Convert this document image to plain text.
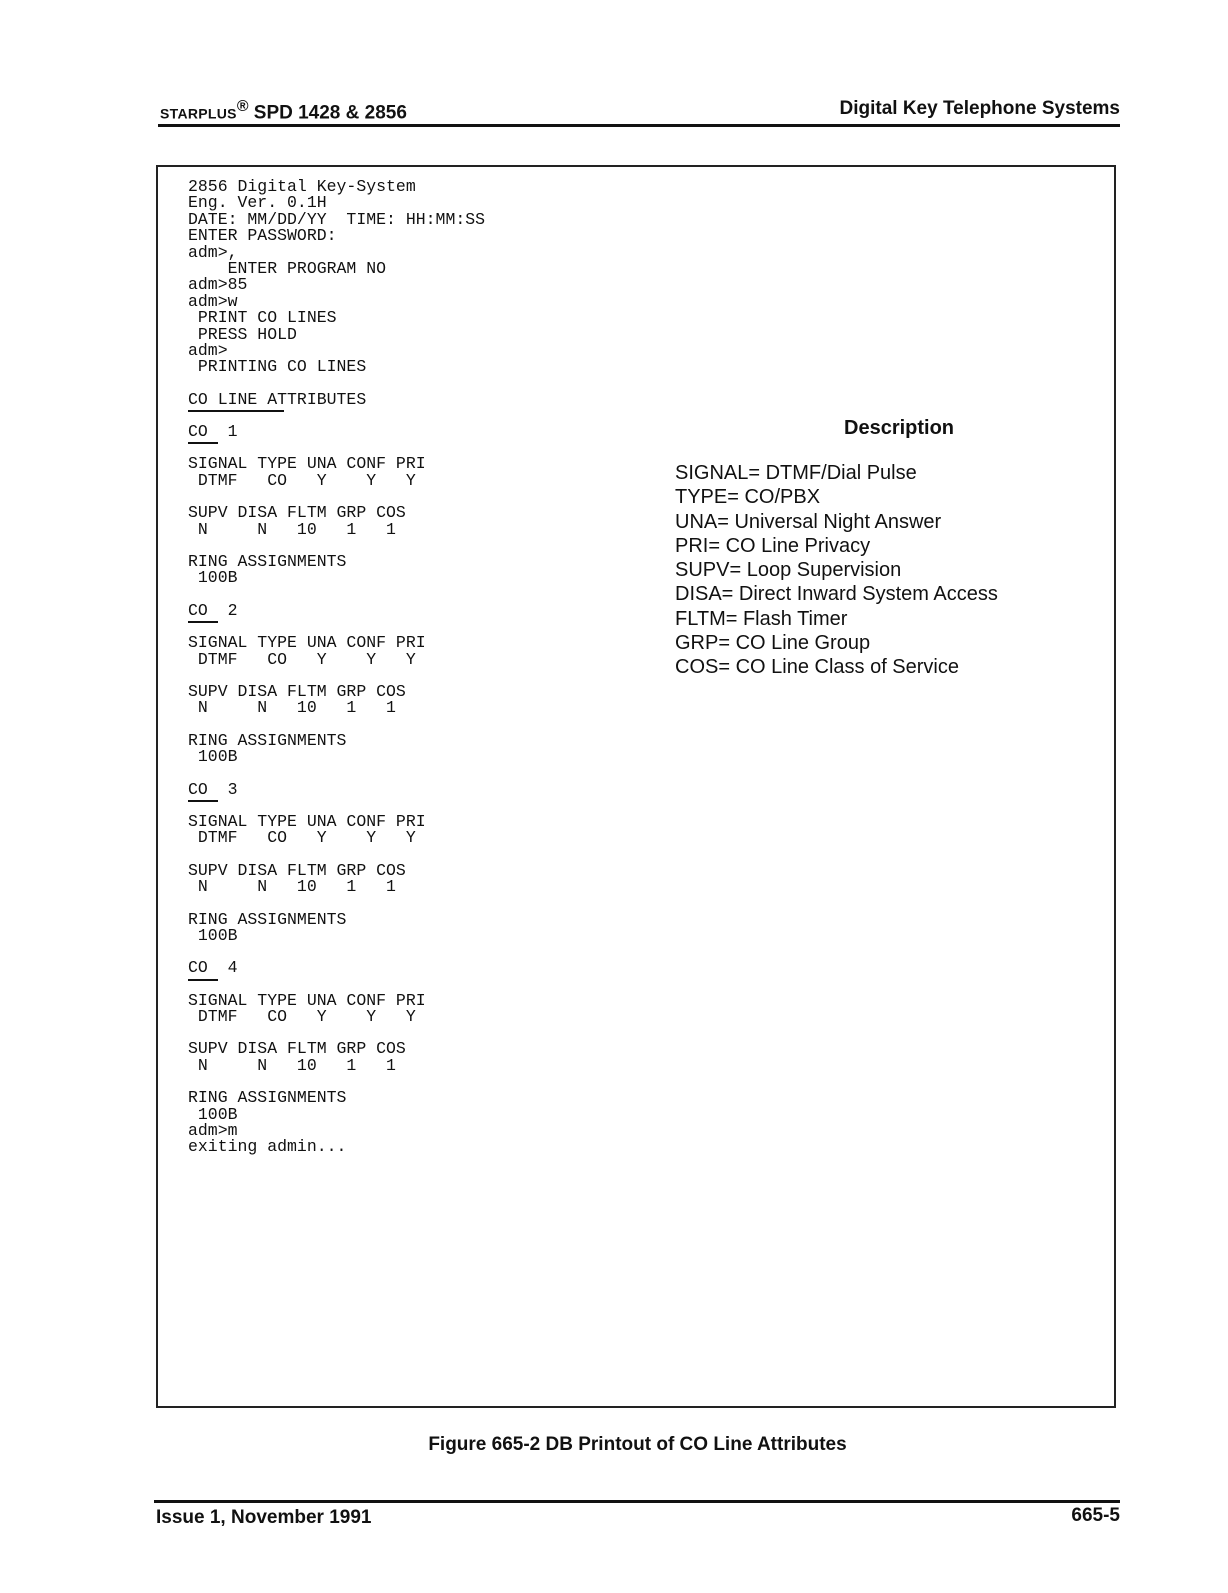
STARPLUS® SPD 1428 & 2856	Digital Key Telephone Systems
2856 Digital Key-System
Eng. Ver. 0.1H
DATE: MM/DD/YY  TIME: HH:MM:SS
ENTER PASSWORD:
adm>,
ENTER PROGRAM NO
adm>85
adm>w
PRINT CO LINES
PRESS HOLD
adm>
PRINTING CO LINES
CO LINE ATTRIBUTES
CO  1
SIGNAL TYPE UNA CONF PRI
DTMF   CO   Y    Y   Y
SUPV DISA FLTM GRP COS
N     N   10   1   1
RING ASSIGNMENTS
100B
CO  2
SIGNAL TYPE UNA CONF PRI
DTMF   CO   Y    Y   Y
SUPV DISA FLTM GRP COS
N     N   10   1   1
RING ASSIGNMENTS
100B
CO  3
SIGNAL TYPE UNA CONF PRI
DTMF   CO   Y    Y   Y
SUPV DISA FLTM GRP COS
N     N   10   1   1
RING ASSIGNMENTS
100B
CO  4
SIGNAL TYPE UNA CONF PRI
DTMF   CO   Y    Y   Y
SUPV DISA FLTM GRP COS
N     N   10   1   1
RING ASSIGNMENTS
100B
adm>m
exiting admin...
Description
SIGNAL= DTMF/Dial Pulse
TYPE= CO/PBX
UNA= Universal Night Answer
PRI= CO Line Privacy
SUPV= Loop Supervision
DISA= Direct Inward System Access
FLTM= Flash Timer
GRP= CO Line Group
COS= CO Line Class of Service
Figure 665-2 DB Printout of CO Line Attributes
Issue 1, November 1991	665-5
